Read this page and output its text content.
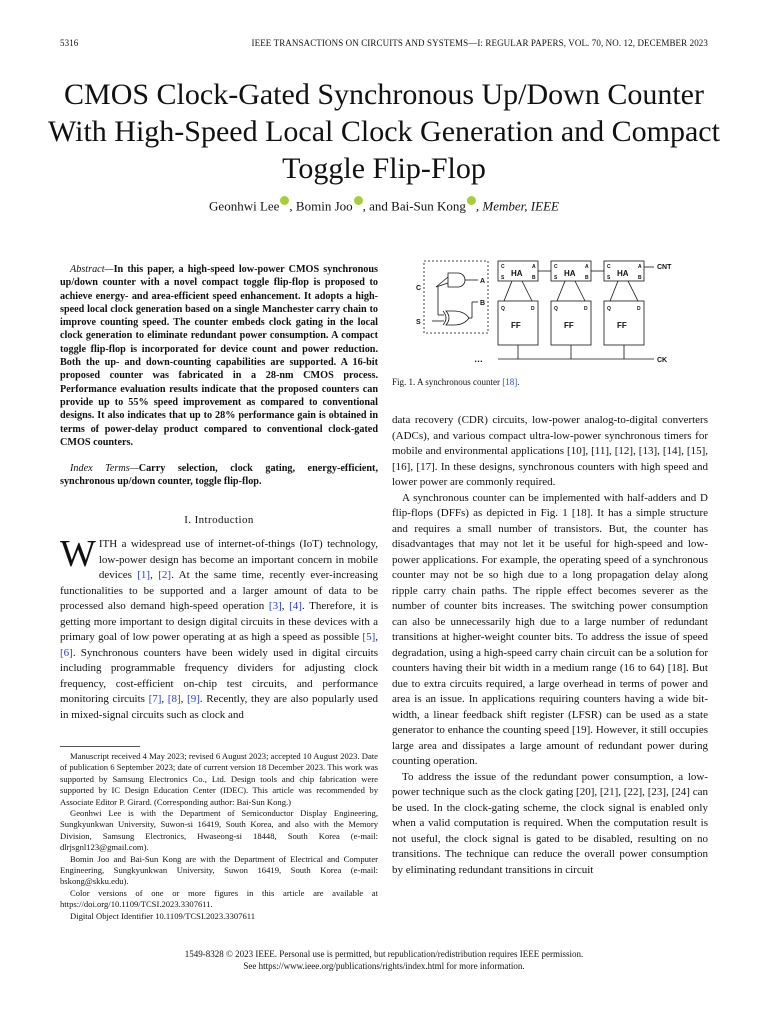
5316	IEEE TRANSACTIONS ON CIRCUITS AND SYSTEMS—I: REGULAR PAPERS, VOL. 70, NO. 12, DECEMBER 2023
CMOS Clock-Gated Synchronous Up/Down Counter With High-Speed Local Clock Generation and Compact Toggle Flip-Flop
Geonhwi Lee , Bomin Joo , and Bai-Sun Kong , Member, IEEE
Abstract—In this paper, a high-speed low-power CMOS synchronous up/down counter with a novel compact toggle flip-flop is proposed to achieve energy- and area-efficient speed enhancement. It adopts a high-speed local clock generation based on a single Manchester carry chain to improve counting speed. The counter embeds clock gating in the local clock generation to eliminate redundant power consumption. A compact toggle flip-flop is incorporated for device count and power reduction. Both the up- and down-counting capabilities are supported. A 16-bit proposed counter was fabricated in a 28-nm CMOS process. Performance evaluation results indicate that the proposed counters can provide up to 55% speed improvement as compared to conventional designs. It also indicates that up to 28% performance gain is obtained in terms of power-delay product compared to conventional clock-gated CMOS counters.
Index Terms—Carry selection, clock gating, energy-efficient, synchronous up/down counter, toggle flip-flop.
I. Introduction
WITH a widespread use of internet-of-things (IoT) technology, low-power design has become an important concern in mobile devices [1], [2]. At the same time, recently ever-increasing functionalities to be supported and a larger amount of data to be processed also demand high-speed operation [3], [4]. Therefore, it is getting more important to design digital circuits in these devices with a primary goal of low power operating at as high a speed as possible [5], [6]. Synchronous counters have been widely used in digital circuits including programmable frequency dividers for adjusting clock frequency, cost-efficient on-chip test circuits, and performance monitoring circuits [7], [8], [9]. Recently, they are also popularly used in mixed-signal circuits such as clock and

Manuscript received 4 May 2023; revised 6 August 2023; accepted 10 August 2023. Date of publication 6 September 2023; date of current version 18 December 2023. This work was supported by Samsung Electronics Co., Ltd. Design tools and chip fabrication were supported by IC Design Education Center (IDEC). This article was recommended by Associate Editor P. Girard. (Corresponding author: Bai-Sun Kong.)

Geonhwi Lee is with the Department of Semiconductor Display Engineering, Sungkyunkwan University, Suwon-si 16419, South Korea, and also with the Memory Division, Samsung Electronics, Hwaseong-si 18448, South Korea (e-mail: dlrjsgnl123@gmail.com).

Bomin Joo and Bai-Sun Kong are with the Department of Electrical and Computer Engineering, Sungkyunkwan University, Suwon 16419, South Korea (e-mail: bskong@skku.edu).

Color versions of one or more figures in this article are available at https://doi.org/10.1109/TCSI.2023.3307611.

Digital Object Identifier 10.1109/TCSI.2023.3307611

C
S
A
B
C	A
S	B
HA
C	A
S	B
HA
C	A
S	B
HA
CNT
Q	D
FF
Q	D
FF
Q	D
FF
…	CK
Fig. 1. A synchronous counter [18].

data recovery (CDR) circuits, low-power analog-to-digital converters (ADCs), and various compact ultra-low-power synchronous timers for mobile and environmental applications [10], [11], [12], [13], [14], [15], [16], [17]. In these designs, synchronous counters with high speed and lower power are commonly required.

A synchronous counter can be implemented with half-adders and D flip-flops (DFFs) as depicted in Fig. 1 [18]. It has a simple structure and requires a small number of transistors. But, the counter has disadvantages that may not let it be useful for high-speed and low-power applications. For example, the operating speed of a synchronous counter may not be so high due to a long propagation delay along ripple carry chain paths. The ripple effect becomes severer as the number of counter bits increases. The switching power consumption can also be unnecessarily high due to a large number of redundant transitions at higher-weight counter bits. To address the issue of speed degradation, using a high-speed carry chain circuit can be a solution for counters having their bit width in a medium range (16 to 64) [18]. But due to extra circuits required, a large overhead in terms of power and area is an issue. In applications requiring counters having a wide bit-width, a linear feedback shift register (LFSR) can be used as a state generator to enhance the counting speed [19]. However, it still occupies large area and dissipates a large amount of redundant power during counting operation.

To address the issue of the redundant power consumption, a low-power technique such as the clock gating [20], [21], [22], [23], [24] can be used. In the clock-gating scheme, the clock signal is enabled only when a valid computation is required. When the computation result is not useful, the clock signal is gated to be disabled, resulting on no transitions. The technique can reduce the overall power consumption by eliminating redundant transitions in circuit

1549-8328 © 2023 IEEE. Personal use is permitted, but republication/redistribution requires IEEE permission.
See https://www.ieee.org/publications/rights/index.html for more information.
